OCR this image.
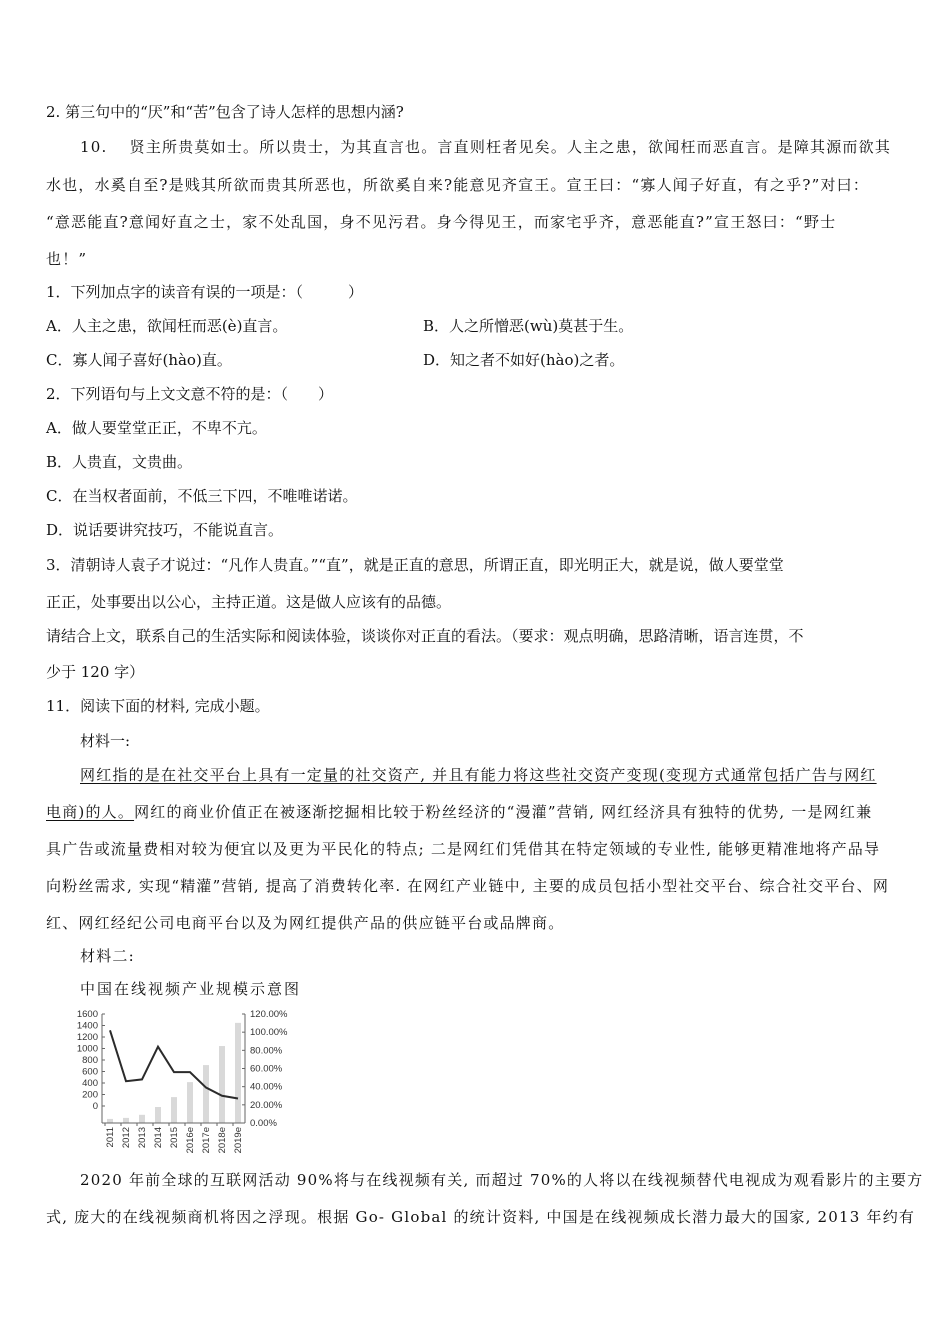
2. 第三句中的“厌”和“苦”包含了诗人怎样的思想内涵?
10.　 贤主所贵莫如士。所以贵士，为其直言也。言直则枉者见矣。人主之患，欲闻枉而恶直言。是障其源而欲其
水也，水奚自至?是贱其所欲而贵其所恶也，所欲奚自来?能意见齐宣王。宣王曰：“寡人闻子好直，有之乎?”对曰：
“意恶能直?意闻好直之士，家不处乱国，身不见污君。身今得见王，而家宅乎齐，意恶能直?”宣王怒曰：“野士
也！”
1．下列加点字的读音有误的一项是：（　　　）
A．人主之患，欲闻枉而恶(è)直言。	B．人之所憎恶(wù)莫甚于生。
C．寡人闻子喜好(hào)直。	D．知之者不如好(hào)之者。
2．下列语句与上文文意不符的是：（　　）
A．做人要堂堂正正，不卑不亢。
B．人贵直，文贵曲。
C．在当权者面前，不低三下四，不唯唯诺诺。
D．说话要讲究技巧，不能说直言。
3．清朝诗人袁子才说过：“凡作人贵直。”“直”，就是正直的意思，所谓正直，即光明正大，就是说，做人要堂堂
正正，处事要出以公心，主持正道。这是做人应该有的品德。
请结合上文，联系自己的生活实际和阅读体验，谈谈你对正直的看法。（要求：观点明确，思路清晰，语言连贯，不
少于 120 字）
11．阅读下面的材料, 完成小题。
材料一:
网红指的是在社交平台上具有一定量的社交资产, 并且有能力将这些社交资产变现(变现方式通常包括广告与网红
电商)的人。网红的商业价值正在被逐渐挖掘相比较于粉丝经济的“漫灌”营销, 网红经济具有独特的优势, 一是网红兼
具广告或流量费相对较为便宜以及更为平民化的特点; 二是网红们凭借其在特定领域的专业性, 能够更精准地将产品导
向粉丝需求, 实现“精灌”营销, 提高了消费转化率. 在网红产业链中, 主要的成员包括小型社交平台、综合社交平台、网
红、网红经纪公司电商平台以及为网红提供产品的供应链平台或品牌商。
材料二:
中国在线视频产业规模示意图
1600
1400
1200
1000
800
600
400
200
0
120.00%
100.00%
80.00%
60.00%
40.00%
20.00%
0.00%
2011 2012 2013 2014 2015 2016e 2017e 2018e 2019e
2020 年前全球的互联网活动 90%将与在线视频有关, 而超过 70%的人将以在线视频替代电视成为观看影片的主要方
式, 庞大的在线视频商机将因之浮现。根据 Go- Global 的统计资料, 中国是在线视频成长潜力最大的国家, 2013 年约有
